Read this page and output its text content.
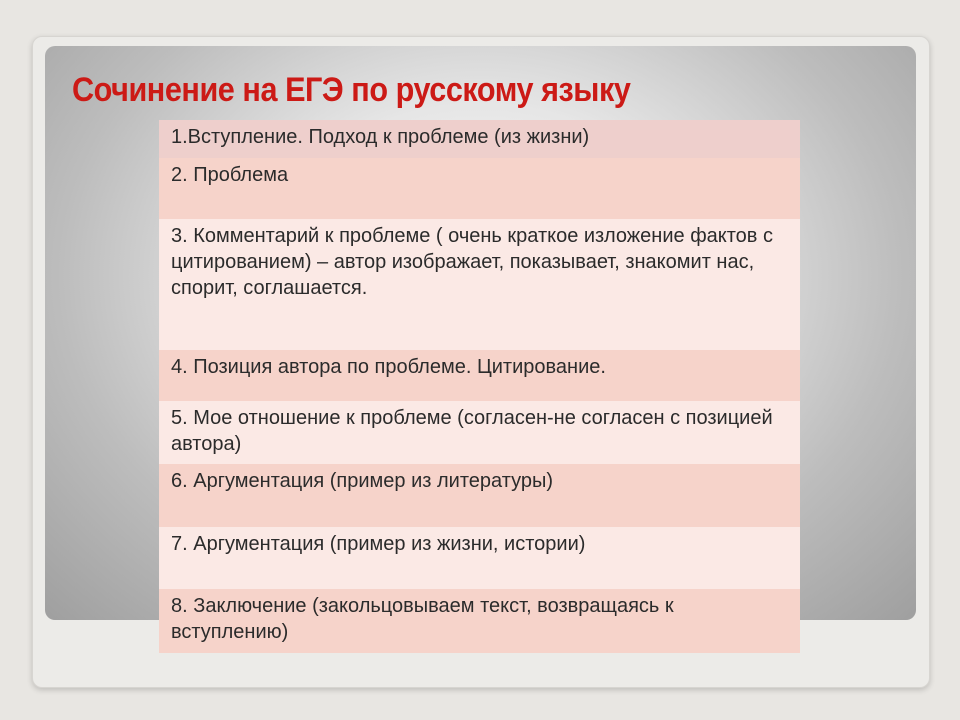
Сочинение на ЕГЭ по русскому языку
1.Вступление. Подход к проблеме (из жизни)
2. Проблема
3. Комментарий к проблеме ( очень краткое изложение фактов с цитированием) – автор изображает, показывает, знакомит нас, спорит, соглашается.
4. Позиция автора по проблеме. Цитирование.
5. Мое отношение к проблеме (согласен-не согласен с позицией автора)
6. Аргументация (пример из литературы)
7. Аргументация (пример из жизни, истории)
8. Заключение (закольцовываем текст, возвращаясь к вступлению)
